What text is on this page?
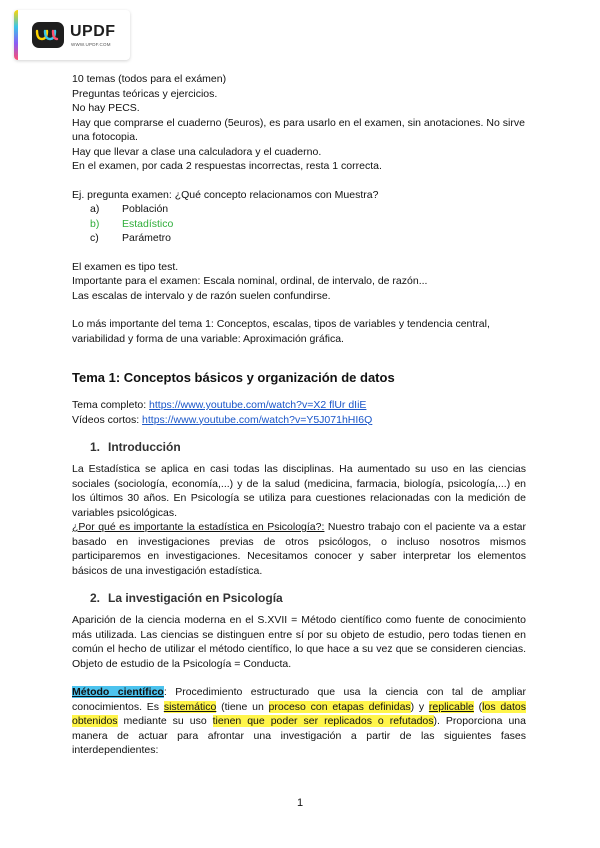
UPDF
WWW.UPDF.COM

10 temas (todos para el exámen)

Preguntas teóricas y ejercicios.

No hay PECS.

Hay que comprarse el cuaderno (5euros), es para usarlo en el examen, sin anotaciones. No sirve una fotocopia.

Hay que llevar a clase una calculadora y el cuaderno.

En el examen, por cada 2 respuestas incorrectas, resta 1 correcta.

Ej. pregunta examen: ¿Qué concepto relacionamos con Muestra?

a)	Población
b)	Estadístico
c)	Parámetro

El examen es tipo test.

Importante para el examen: Escala nominal, ordinal, de intervalo, de razón...

Las escalas de intervalo y de razón suelen confundirse.

Lo más importante del tema 1: Conceptos, escalas, tipos de variables y tendencia central, variabilidad y forma de una variable: Aproximación gráfica.

Tema 1: Conceptos básicos y organización de datos

Tema completo: https://www.youtube.com/watch?v=X2 flUr dIiE

Vídeos cortos: https://www.youtube.com/watch?v=Y5J071hHI6Q

1. Introducción

La Estadística se aplica en casi todas las disciplinas. Ha aumentado su uso en las ciencias sociales (sociología, economía,...) y de la salud (medicina, farmacia, biología, psicología,...) en los últimos 30 años. En Psicología se utiliza para cuestiones relacionadas con la medición de variables psicológicas.

¿Por qué es importante la estadística en Psicología?: Nuestro trabajo con el paciente va a estar basado en investigaciones previas de otros psicólogos, o incluso nosotros mismos participaremos en investigaciones. Necesitamos conocer y saber interpretar los elementos básicos de una investigación estadística.

2. La investigación en Psicología

Aparición de la ciencia moderna en el S.XVII = Método científico como fuente de conocimiento más utilizada. Las ciencias se distinguen entre sí por su objeto de estudio, pero todas tienen en común el hecho de utilizar el método científico, lo que hace a su vez que se consideren ciencias. Objeto de estudio de la Psicología = Conducta.

Método científico: Procedimiento estructurado que usa la ciencia con tal de ampliar conocimientos. Es sistemático (tiene un proceso con etapas definidas) y replicable (los datos obtenidos mediante su uso tienen que poder ser replicados o refutados). Proporciona una manera de actuar para afrontar una investigación a partir de las siguientes fases interdependientes:

1
